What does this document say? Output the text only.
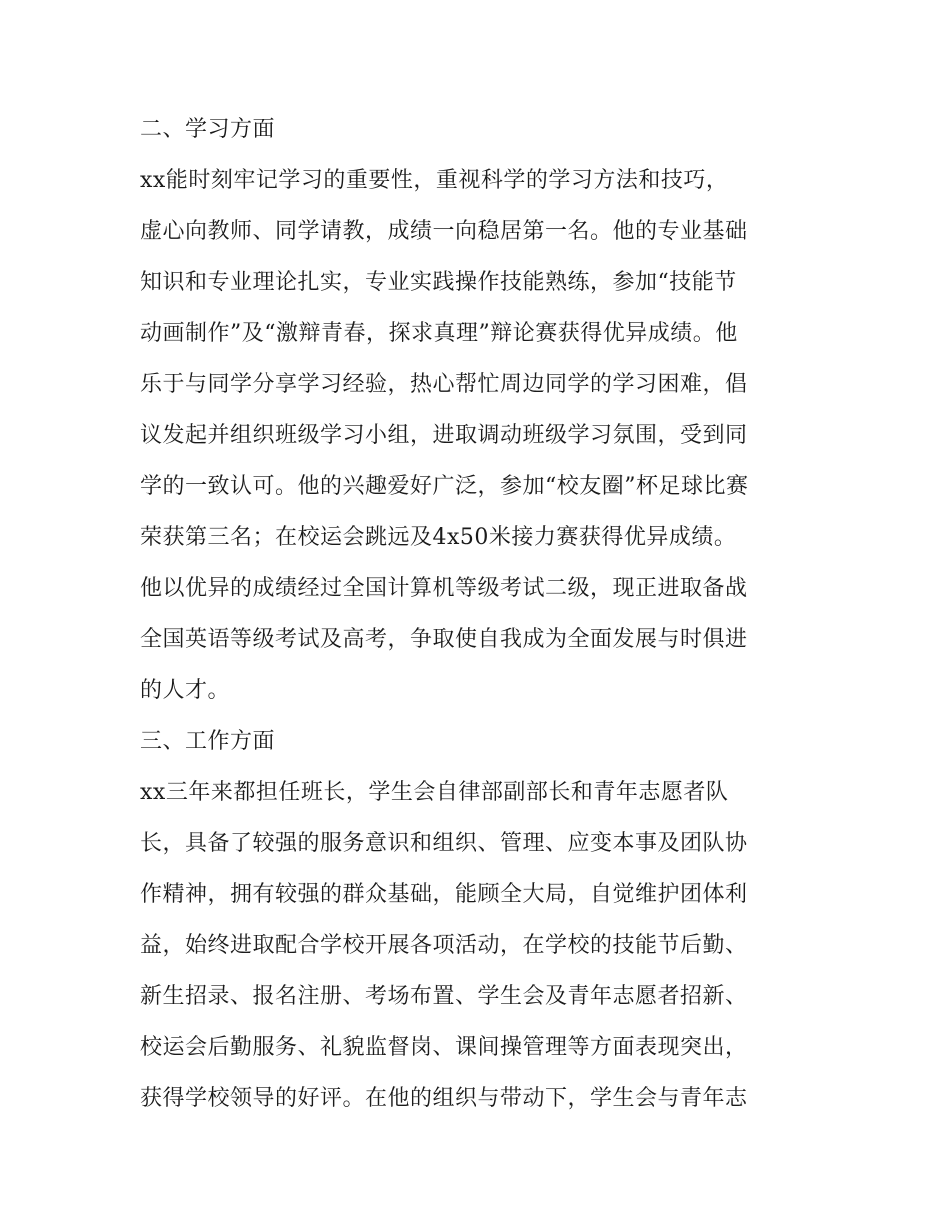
二、学习方面
xx能时刻牢记学习的重要性，重视科学的学习方法和技巧，
虚心向教师、同学请教，成绩一向稳居第一名。他的专业基础
知识和专业理论扎实，专业实践操作技能熟练，参加“技能节
动画制作”及“激辩青春，探求真理”辩论赛获得优异成绩。他
乐于与同学分享学习经验，热心帮忙周边同学的学习困难，倡
议发起并组织班级学习小组，进取调动班级学习氛围，受到同
学的一致认可。他的兴趣爱好广泛，参加“校友圈”杯足球比赛
荣获第三名；在校运会跳远及4x50米接力赛获得优异成绩。
他以优异的成绩经过全国计算机等级考试二级，现正进取备战
全国英语等级考试及高考，争取使自我成为全面发展与时俱进
的人才。
三、工作方面
xx三年来都担任班长，学生会自律部副部长和青年志愿者队
长，具备了较强的服务意识和组织、管理、应变本事及团队协
作精神，拥有较强的群众基础，能顾全大局，自觉维护团体利
益，始终进取配合学校开展各项活动，在学校的技能节后勤、
新生招录、报名注册、考场布置、学生会及青年志愿者招新、
校运会后勤服务、礼貌监督岗、课间操管理等方面表现突出，
获得学校领导的好评。在他的组织与带动下，学生会与青年志
